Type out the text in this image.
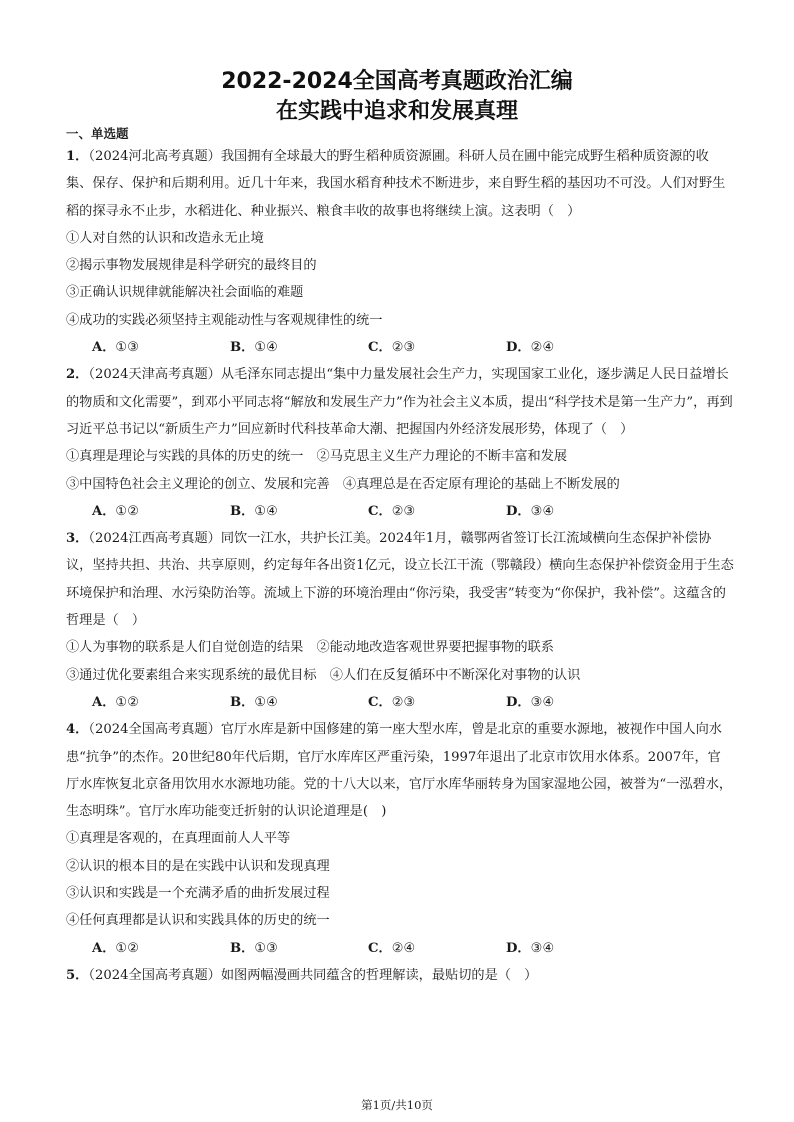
2022-2024全国高考真题政治汇编
在实践中追求和发展真理
一、单选题

1．（2024河北高考真题）我国拥有全球最大的野生稻种质资源圃。科研人员在圃中能完成野生稻种质资源的收集、保存、保护和后期利用。近几十年来，我国水稻育种技术不断进步，来自野生稻的基因功不可没。人们对野生稻的探寻永不止步，水稻进化、种业振兴、粮食丰收的故事也将继续上演。这表明（　）

①人对自然的认识和改造永无止境

②揭示事物发展规律是科学研究的最终目的

③正确认识规律就能解决社会面临的难题

④成功的实践必须坚持主观能动性与客观规律性的统一

A．①③	B．①④	C．②③	D．②④

2．（2024天津高考真题）从毛泽东同志提出“集中力量发展社会生产力，实现国家工业化，逐步满足人民日益增长的物质和文化需要”，到邓小平同志将“解放和发展生产力”作为社会主义本质，提出“科学技术是第一生产力”，再到习近平总书记以“新质生产力”回应新时代科技革命大潮、把握国内外经济发展形势，体现了（　）

①真理是理论与实践的具体的历史的统一　②马克思主义生产力理论的不断丰富和发展

③中国特色社会主义理论的创立、发展和完善　④真理总是在否定原有理论的基础上不断发展的

A．①②	B．①④	C．②③	D．③④

3．（2024江西高考真题）同饮一江水，共护长江美。2024年1月，赣鄂两省签订长江流域横向生态保护补偿协议，坚持共担、共治、共享原则，约定每年各出资1亿元，设立长江干流（鄂赣段）横向生态保护补偿资金用于生态环境保护和治理、水污染防治等。流域上下游的环境治理由“你污染，我受害”转变为“你保护，我补偿”。这蕴含的哲理是（　）

①人为事物的联系是人们自觉创造的结果　②能动地改造客观世界要把握事物的联系

③通过优化要素组合来实现系统的最优目标　④人们在反复循环中不断深化对事物的认识

A．①②	B．①④	C．②③	D．③④

4．（2024全国高考真题）官厅水库是新中国修建的第一座大型水库，曾是北京的重要水源地，被视作中国人向水患“抗争”的杰作。20世纪80年代后期，官厅水库库区严重污染，1997年退出了北京市饮用水体系。2007年，官厅水库恢复北京备用饮用水水源地功能。党的十八大以来，官厅水库华丽转身为国家湿地公园，被誉为“一泓碧水，生态明珠”。官厅水库功能变迁折射的认识论道理是(　)

①真理是客观的，在真理面前人人平等

②认识的根本目的是在实践中认识和发现真理

③认识和实践是一个充满矛盾的曲折发展过程

④任何真理都是认识和实践具体的历史的统一

A．①②	B．①③	C．②④	D．③④

5．（2024全国高考真题）如图两幅漫画共同蕴含的哲理解读，最贴切的是（　）

第1页/共10页
